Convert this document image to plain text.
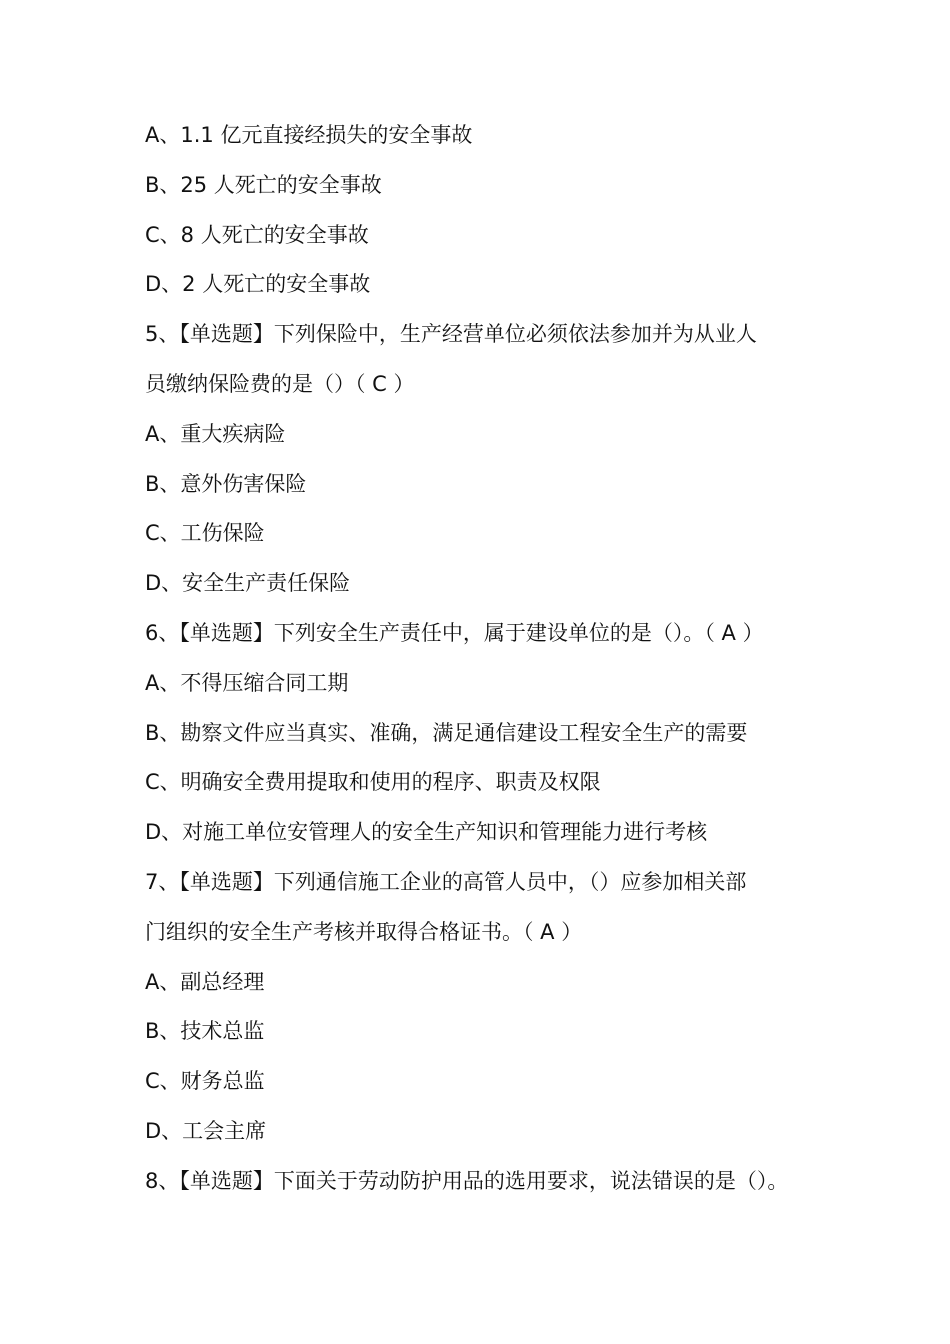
A、1.1 亿元直接经损失的安全事故
B、25 人死亡的安全事故
C、8 人死亡的安全事故
D、2 人死亡的安全事故
5、【单选题】下列保险中，生产经营单位必须依法参加并为从业人
员缴纳保险费的是（）（ C ）
A、重大疾病险
B、意外伤害保险
C、工伤保险
D、安全生产责任保险
6、【单选题】下列安全生产责任中，属于建设单位的是（）。（ A ）
A、不得压缩合同工期
B、勘察文件应当真实、准确，满足通信建设工程安全生产的需要
C、明确安全费用提取和使用的程序、职责及权限
D、对施工单位安管理人的安全生产知识和管理能力进行考核
7、【单选题】下列通信施工企业的高管人员中，（）应参加相关部
门组织的安全生产考核并取得合格证书。（ A ）
A、副总经理
B、技术总监
C、财务总监
D、工会主席
8、【单选题】下面关于劳动防护用品的选用要求，说法错误的是（）。
